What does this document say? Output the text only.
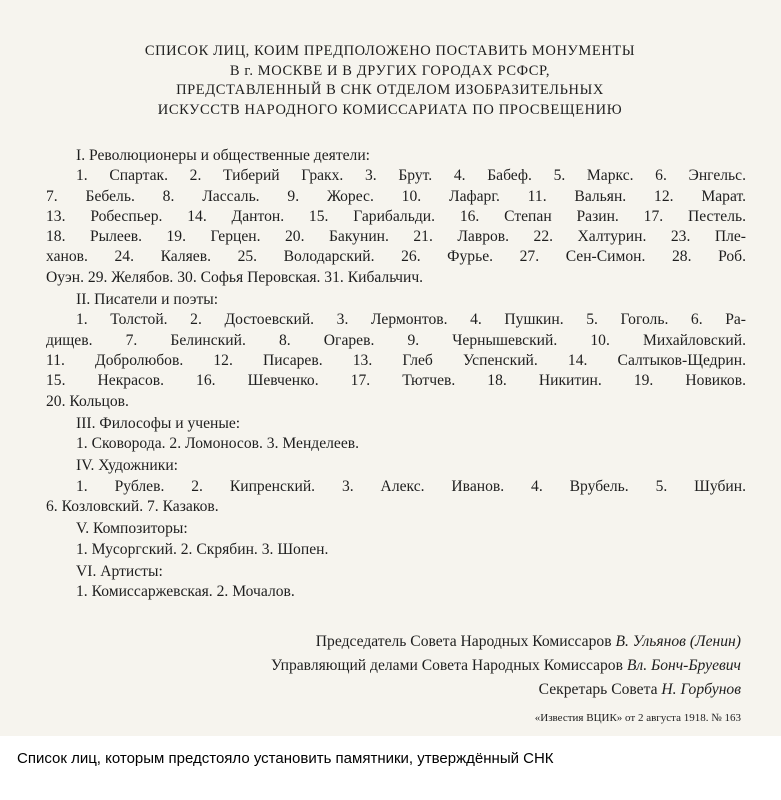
СПИСОК ЛИЦ, КОИМ ПРЕДПОЛОЖЕНО ПОСТАВИТЬ МОНУМЕНТЫ
В г. МОСКВЕ И В ДРУГИХ ГОРОДАХ РСФСР,
ПРЕДСТАВЛЕННЫЙ В СНК ОТДЕЛОМ ИЗОБРАЗИТЕЛЬНЫХ
ИСКУССТВ НАРОДНОГО КОМИССАРИАТА ПО ПРОСВЕЩЕНИЮ
I. Революционеры и общественные деятели:
1. Спартак. 2. Тиберий Гракх. 3. Брут. 4. Бабеф. 5. Маркс. 6. Энгельс.
7. Бебель. 8. Лассаль. 9. Жорес. 10. Лафарг. 11. Вальян. 12. Марат.
13. Робеспьер. 14. Дантон. 15. Гарибальди. 16. Степан Разин. 17. Пестель.
18. Рылеев. 19. Герцен. 20. Бакунин. 21. Лавров. 22. Халтурин. 23. Пле-
ханов. 24. Каляев. 25. Володарский. 26. Фурье. 27. Сен-Симон. 28. Роб.
Оуэн. 29. Желябов. 30. Софья Перовская. 31. Кибальчич.
II. Писатели и поэты:
1. Толстой. 2. Достоевский. 3. Лермонтов. 4. Пушкин. 5. Гоголь. 6. Ра-
дищев. 7. Белинский. 8. Огарев. 9. Чернышевский. 10. Михайловский.
11. Добролюбов. 12. Писарев. 13. Глеб Успенский. 14. Салтыков-Щедрин.
15. Некрасов. 16. Шевченко. 17. Тютчев. 18. Никитин. 19. Новиков.
20. Кольцов.
III. Философы и ученые:
1. Сковорода. 2. Ломоносов. 3. Менделеев.
IV. Художники:
1. Рублев. 2. Кипренский. 3. Алекс. Иванов. 4. Врубель. 5. Шубин.
6. Козловский. 7. Казаков.
V. Композиторы:
1. Мусоргский. 2. Скрябин. 3. Шопен.
VI. Артисты:
1. Комиссаржевская. 2. Мочалов.
Председатель Совета Народных Комиссаров В. Ульянов (Ленин)
Управляющий делами Совета Народных Комиссаров Вл. Бонч-Бруевич
Секретарь Совета Н. Горбунов
«Известия ВЦИК» от 2 августа 1918. № 163
Список лиц, которым предстояло установить памятники, утверждённый СНК
